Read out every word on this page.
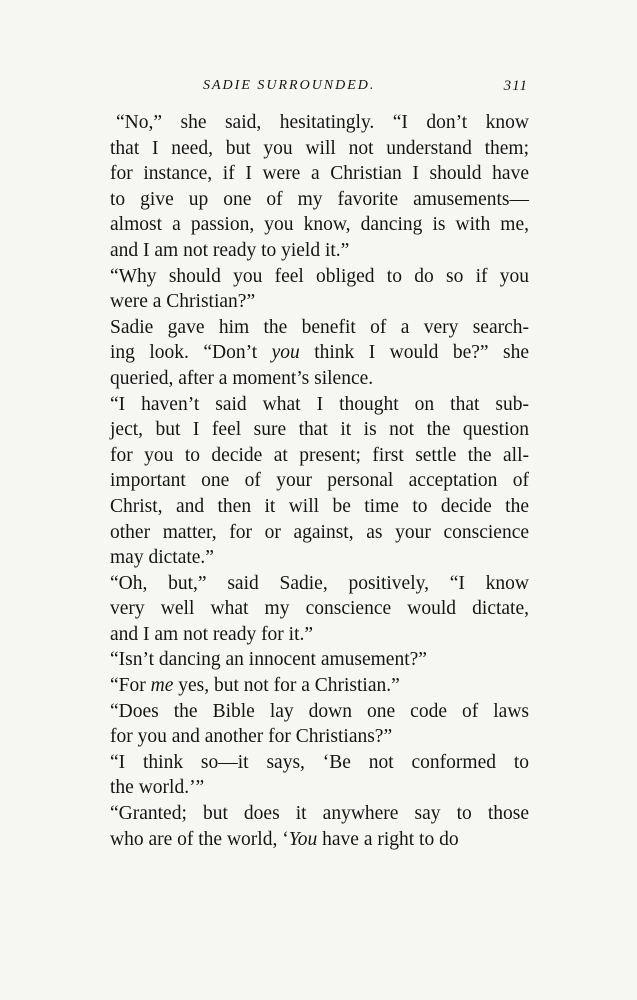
SADIE SURROUNDED.	311

“No,” she said, hesitatingly. “I don’t know
that I need, but you will not understand them;
for instance, if I were a Christian I should have
to give up one of my favorite amusements—
almost a passion, you know, dancing is with me,
and I am not ready to yield it.”

“Why should you feel obliged to do so if you
were a Christian?”

Sadie gave him the benefit of a very search-
ing look. “Don’t you think I would be?” she
queried, after a moment’s silence.

“I haven’t said what I thought on that sub-
ject, but I feel sure that it is not the question
for you to decide at present; first settle the all-
important one of your personal acceptation of
Christ, and then it will be time to decide the
other matter, for or against, as your conscience
may dictate.”

“Oh, but,” said Sadie, positively, “I know
very well what my conscience would dictate,
and I am not ready for it.”

“Isn’t dancing an innocent amusement?”

“For me yes, but not for a Christian.”

“Does the Bible lay down one code of laws
for you and another for Christians?”

“I think so—it says, ‘Be not conformed to
the world.’”

“Granted; but does it anywhere say to those
who are of the world, ‘You have a right to do
